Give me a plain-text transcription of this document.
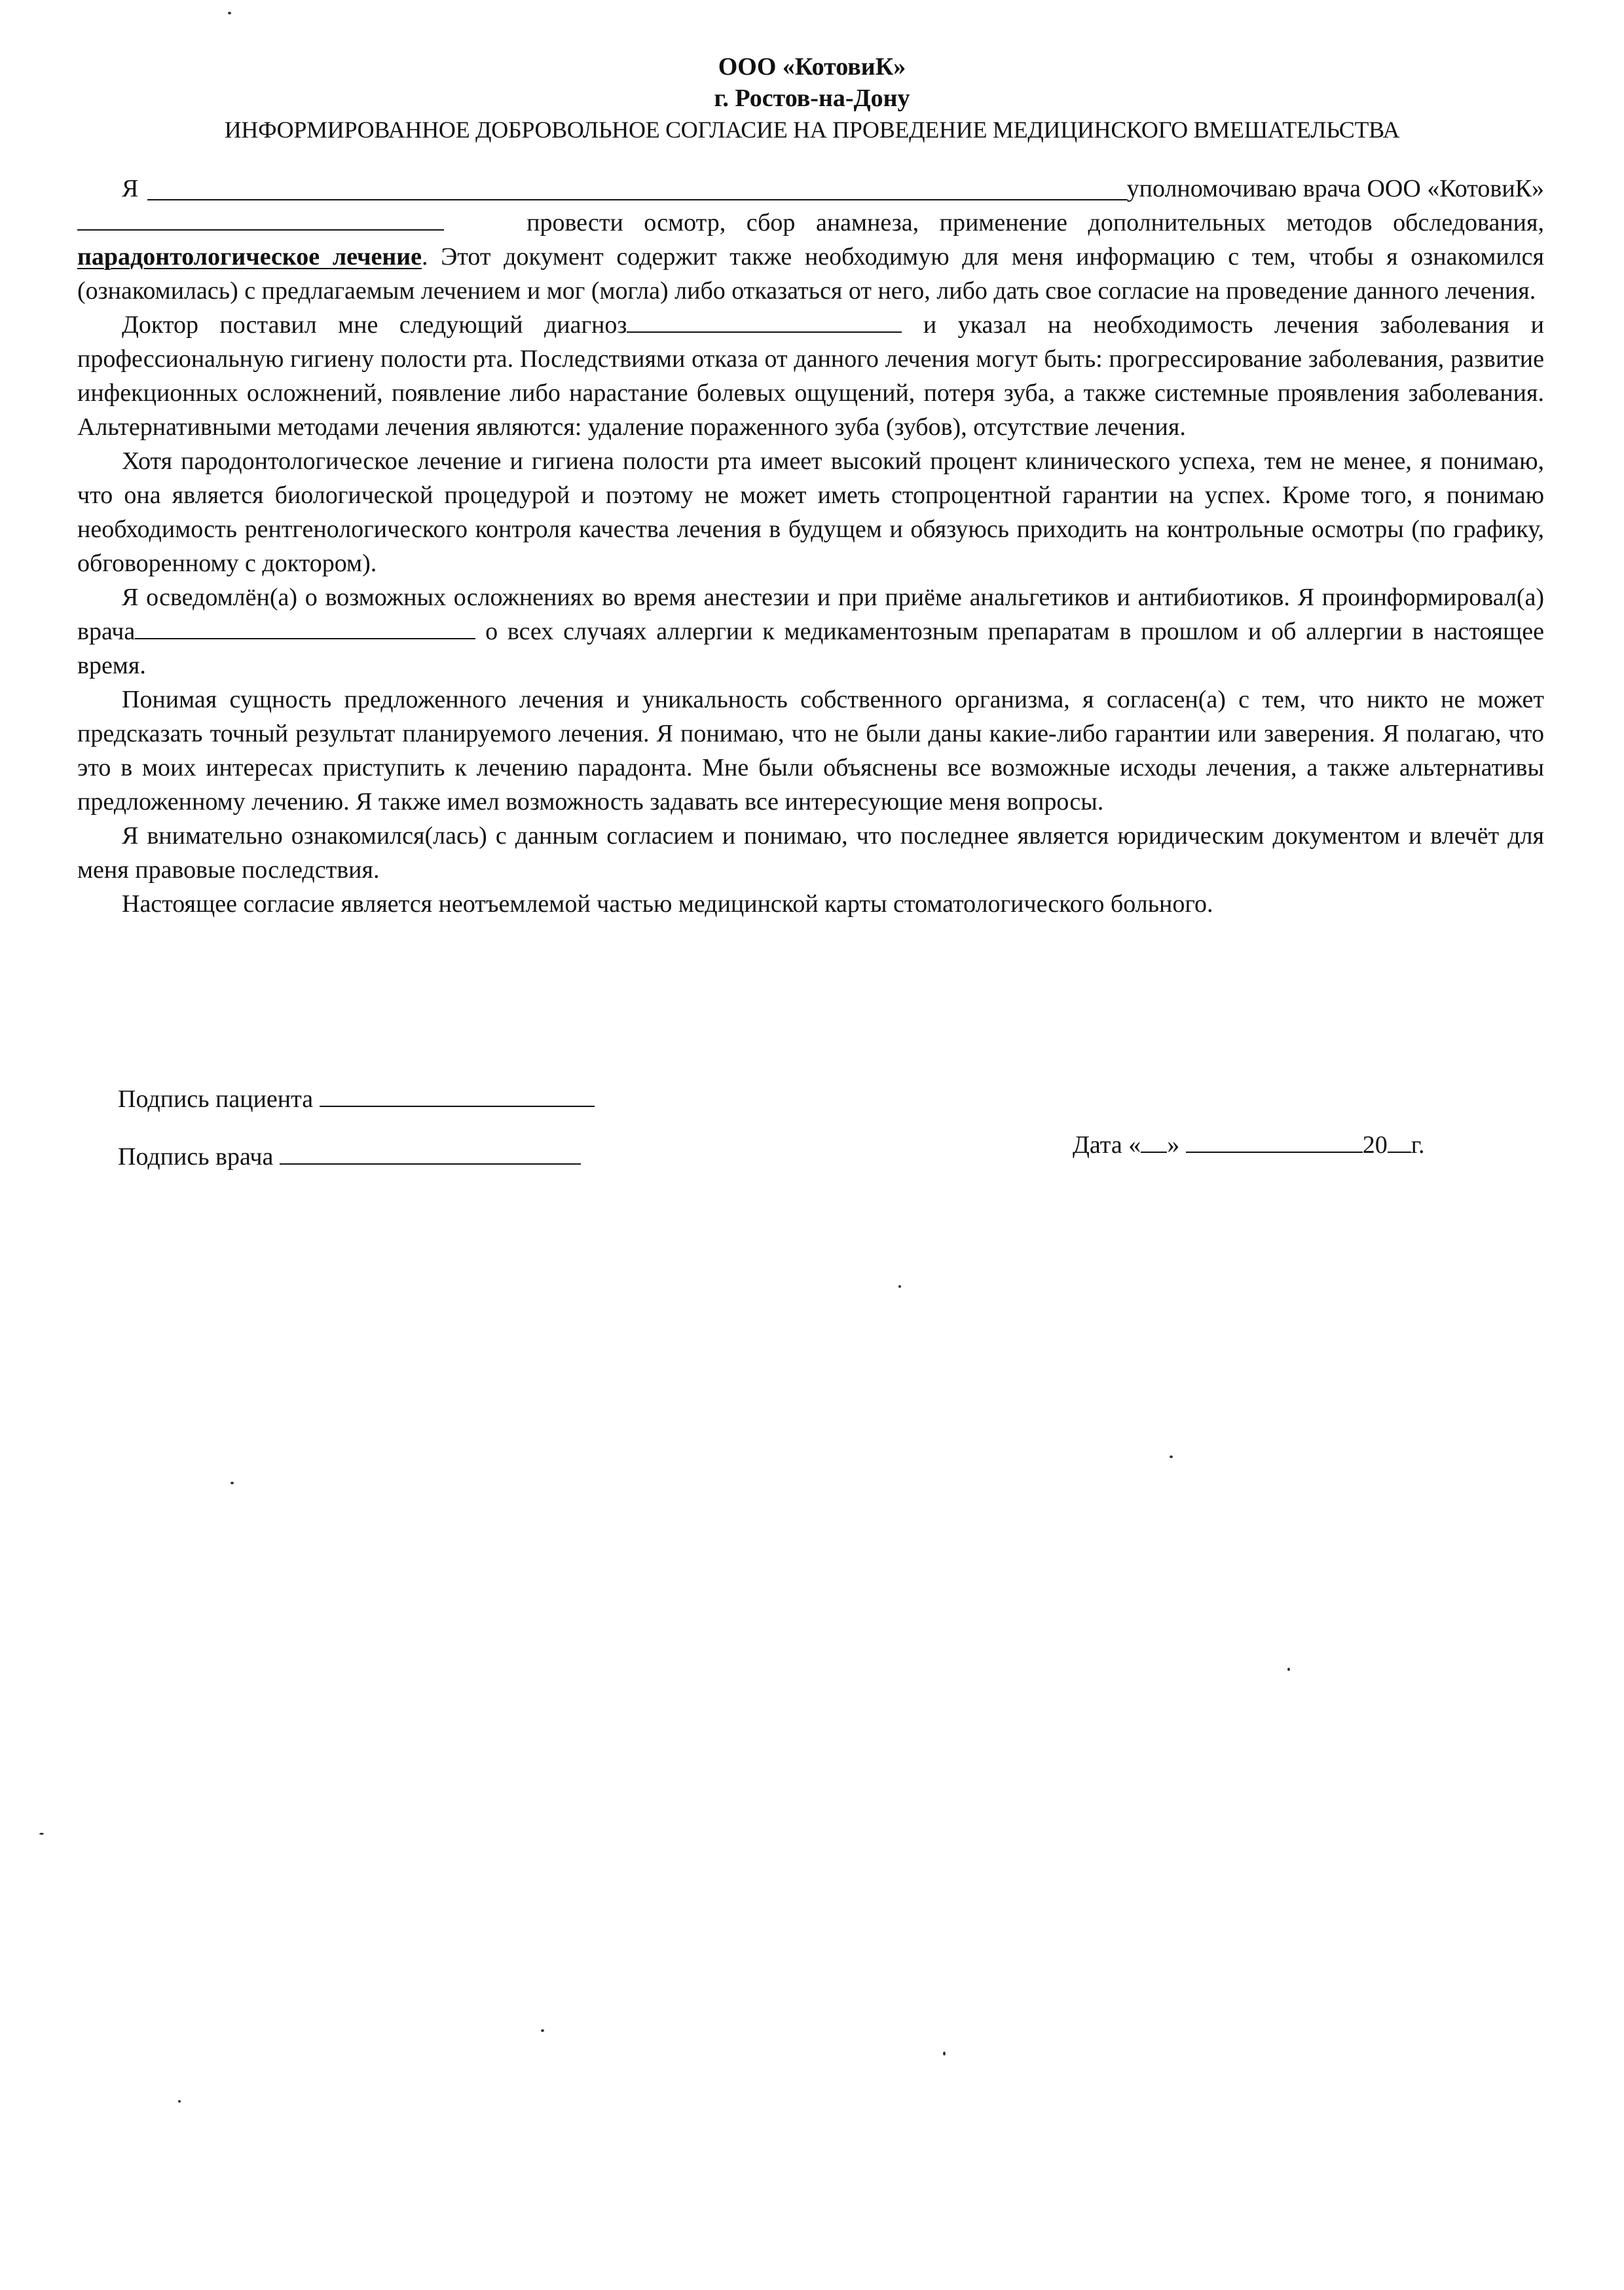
ООО «КотовиК»
г. Ростов-на-Дону
ИНФОРМИРОВАННОЕ ДОБРОВОЛЬНОЕ СОГЛАСИЕ НА ПРОВЕДЕНИЕ МЕДИЦИНСКОГО ВМЕШАТЕЛЬСТВА
Я	уполномочиваю врача ООО «КотовиК»

провести осмотр, сбор анамнеза, применение дополнительных методов обследования, парадонтологическое лечение. Этот документ содержит также необходимую для меня информацию с тем, чтобы я ознакомился (ознакомилась) с предлагаемым лечением и мог (могла) либо отказаться от него, либо дать свое согласие на проведение данного лечения.

Доктор поставил мне следующий диагноз	и указал на необходимость лечения заболевания и профессиональную гигиену полости рта. Последствиями отказа от данного лечения могут быть: прогрессирование заболевания, развитие инфекционных осложнений, появление либо нарастание болевых ощущений, потеря зуба, а также системные проявления заболевания. Альтернативными методами лечения являются: удаление пораженного зуба (зубов), отсутствие лечения.

Хотя пародонтологическое лечение и гигиена полости рта имеет высокий процент клинического успеха, тем не менее, я понимаю, что она является биологической процедурой и поэтому не может иметь стопроцентной гарантии на успех. Кроме того, я понимаю необходимость рентгенологического контроля качества лечения в будущем и обязуюсь приходить на контрольные осмотры (по графику, обговоренному с доктором).

Я осведомлён(а) о возможных осложнениях во время анестезии и при приёме анальгетиков и антибиотиков. Я проинформировал(а) врача	о всех случаях аллергии к медикаментозным препаратам в прошлом и об аллергии в настоящее время.

Понимая сущность предложенного лечения и уникальность собственного организма, я согласен(а) с тем, что никто не может предсказать точный результат планируемого лечения. Я понимаю, что не были даны какие-либо гарантии или заверения. Я полагаю, что это в моих интересах приступить к лечению парадонта. Мне были объяснены все возможные исходы лечения, а также альтернативы предложенному лечению. Я также имел возможность задавать все интересующие меня вопросы.

Я внимательно ознакомился(лась) с данным согласием и понимаю, что последнее является юридическим документом и влечёт для меня правовые последствия.

Настоящее согласие является неотъемлемой частью медицинской карты стоматологического больного.

Подпись пациента
Подпись врача	Дата « »	20 г.
